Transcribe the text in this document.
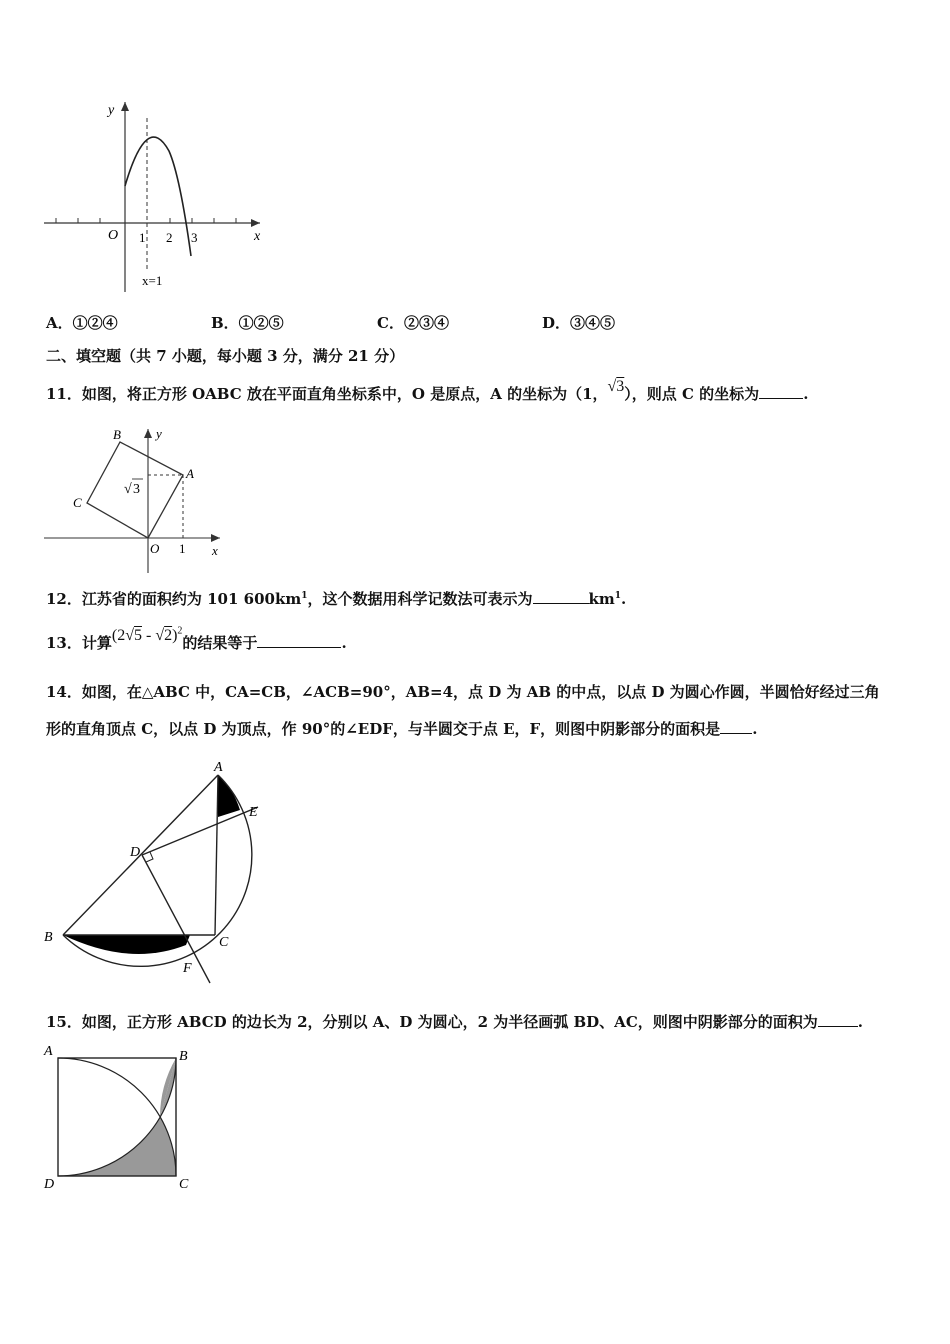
y
x
O 1 2 3
x=1
A．①②④	B．①②⑤	C．②③④	D．③④⑤
二、填空题（共 7 小题，每小题 3 分，满分 21 分）
11．如图，将正方形 OABC 放在平面直角坐标系中，O 是原点，A 的坐标为（1，√3），则点 C 的坐标为	.
B	y
A
C
O 1 x
√ 3
12．江苏省的面积约为 101 $600km^1$，这个数据用科学记数法可表示为	$km^1$.
13．计算(2√5 - √2)$^2$的结果等于	.
14．如图，在△ABC 中，CA=CB，∠ACB=90°，AB=4，点 D 为 AB 的中点，以点 D 为圆心作圆，半圆恰好经过三角
形的直角顶点 C，以点 D 为顶点，作 90°的∠EDF，与半圆交于点 E，F，则图中阴影部分的面积是 .
A
E
D
B	C
F
15．如图，正方形 ABCD 的边长为 2，分别以 A、D 为圆心，2 为半径画弧 BD、AC，则图中阴影部分的面积为	.
A	B
D	C
